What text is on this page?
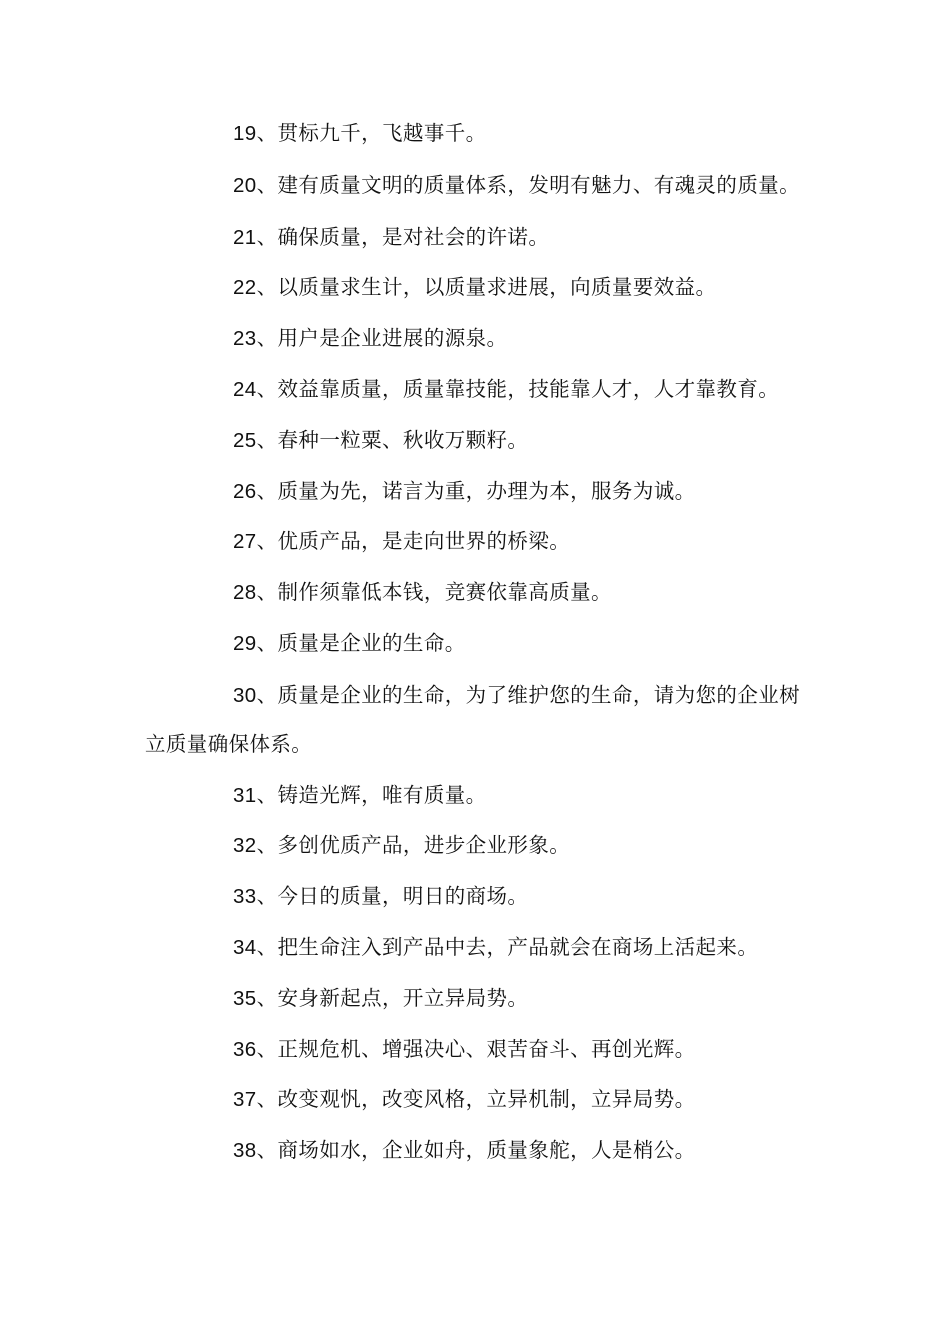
19、贯标九千，飞越事千。

20、建有质量文明的质量体系，发明有魅力、有魂灵的质量。

21、确保质量，是对社会的许诺。

22、以质量求生计，以质量求进展，向质量要效益。

23、用户是企业进展的源泉。

24、效益靠质量，质量靠技能，技能靠人才，人才靠教育。

25、春种一粒粟、秋收万颗籽。

26、质量为先，诺言为重，办理为本，服务为诚。

27、优质产品，是走向世界的桥梁。

28、制作须靠低本钱，竞赛依靠高质量。

29、质量是企业的生命。

30、质量是企业的生命，为了维护您的生命，请为您的企业树立质量确保体系。

31、铸造光辉，唯有质量。

32、多创优质产品，进步企业形象。

33、今日的质量，明日的商场。

34、把生命注入到产品中去，产品就会在商场上活起来。

35、安身新起点，开立异局势。

36、正规危机、增强决心、艰苦奋斗、再创光辉。

37、改变观忛，改变风格，立异机制，立异局势。

38、商场如水，企业如舟，质量象舵，人是梢公。
